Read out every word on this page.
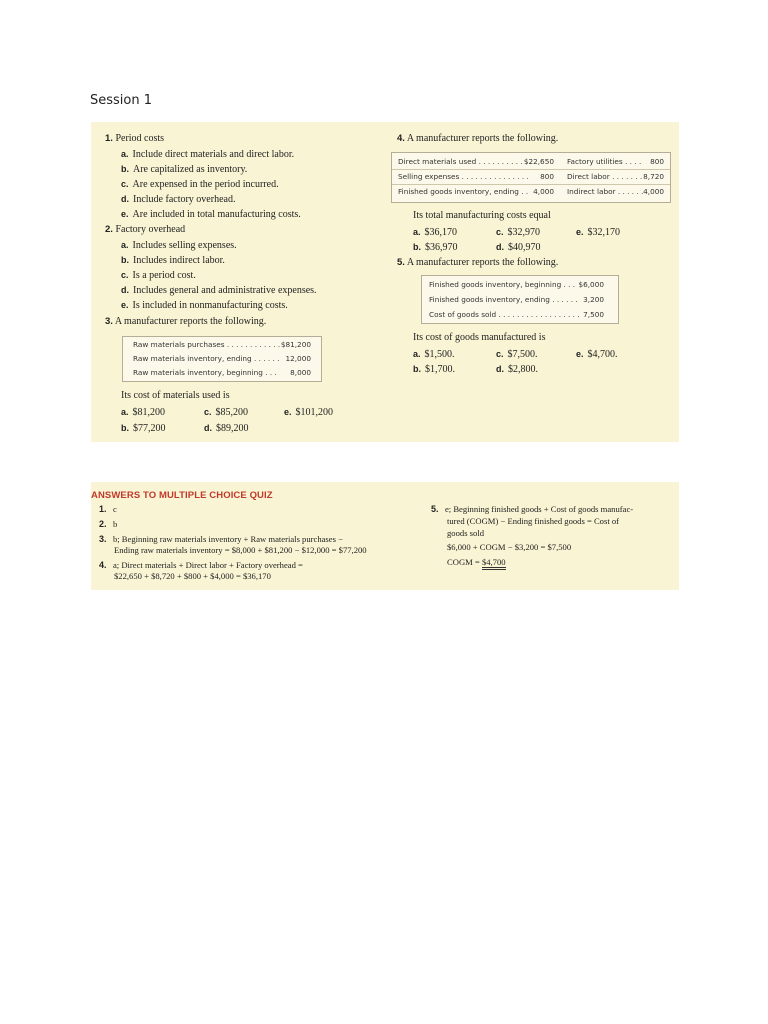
Session 1
1. Period costs
a. Include direct materials and direct labor.
b. Are capitalized as inventory.
c. Are expensed in the period incurred.
d. Include factory overhead.
e. Are included in total manufacturing costs.
2. Factory overhead
a. Includes selling expenses.
b. Includes indirect labor.
c. Is a period cost.
d. Includes general and administrative expenses.
e. Is included in nonmanufacturing costs.
3. A manufacturer reports the following.
Raw materials purchases . . . . . . . . . . . . $81,200
Raw materials inventory, ending . . . . . . 12,000
Raw materials inventory, beginning . . . 8,000
Its cost of materials used is
a. $81,200
b. $77,200
c. $85,200
d. $89,200
e. $101,200
4. A manufacturer reports the following.
Direct materials used . . . . . . . . . . . .
$22,650 Factory utilities . . . . 800
Selling expenses . . . . . . . . . . . . . . .	800 Direct labor . . . . . . . 8,720
Finished goods inventory, ending . . 4,000 Indirect labor . . . . . . 4,000
Its total manufacturing costs equal
a. $36,170
b. $36,970
c. $32,970
d. $40,970
e. $32,170
5. A manufacturer reports the following.
Finished goods inventory, beginning . . . $6,000
Finished goods inventory, ending . . . . . . 3,200
Cost of goods sold . . . . . . . . . . . . . . . . . . 7,500
Its cost of goods manufactured is
a. $1,500.
b. $1,700.
c. $7,500.
d. $2,800.
e. $4,700.
ANSWERS TO MULTIPLE CHOICE QUIZ
1. c
2. b
3. b; Beginning raw materials inventory + Raw materials purchases −
Ending raw materials inventory = $8,000 + $81,200 − $12,000 = $77,200
4. a; Direct materials + Direct labor + Factory overhead =
$22,650 + $8,720 + $800 + $4,000 = $36,170
5. e; Beginning finished goods + Cost of goods manufac-
tured (COGM) − Ending finished goods = Cost of
goods sold
$6,000 + COGM − $3,200 = $7,500
COGM = $4,700
